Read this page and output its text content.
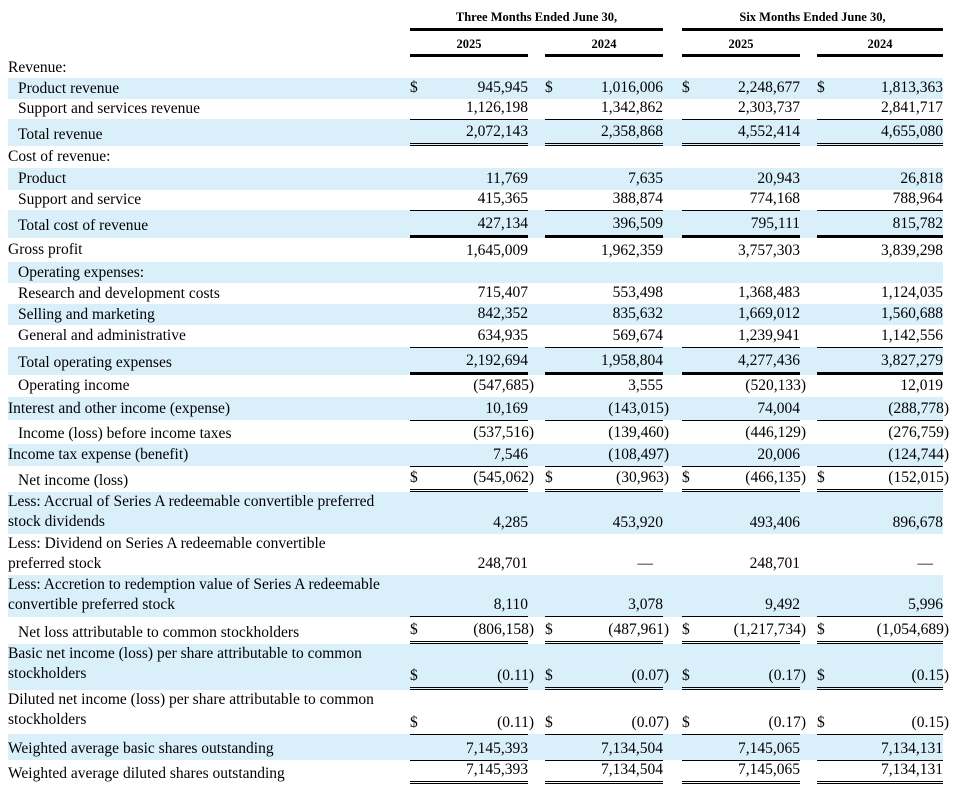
Three Months Ended June 30,	Six Months Ended June 30,
2025	2024	2025	2024
Revenue:
Product revenue	$	945,945 $	1,016,006 $	2,248,677 $	1,813,363
Support and services revenue	1,126,198	1,342,862	2,303,737	2,841,717
Total revenue	2,072,143	2,358,868	4,552,414	4,655,080
Cost of revenue:
Product	11,769	7,635	20,943	26,818
Support and service	415,365	388,874	774,168	788,964
Total cost of revenue	427,134	396,509	795,111	815,782
Gross profit	1,645,009	1,962,359	3,757,303	3,839,298
Operating expenses:
Research and development costs	715,407	553,498	1,368,483	1,124,035
Selling and marketing	842,352	835,632	1,669,012	1,560,688
General and administrative	634,935	569,674	1,239,941	1,142,556
Total operating expenses	2,192,694	1,958,804	4,277,436	3,827,279
Operating income	(547,685)	3,555	(520,133)	12,019
Interest and other income (expense)	10,169	(143,015)	74,004	(288,778)
Income (loss) before income taxes	(537,516)	(139,460)	(446,129)	(276,759)
Income tax expense (benefit)	7,546	(108,497)	20,006	(124,744)
Net income (loss)	$	(545,062) $	(30,963) $	(466,135) $	(152,015)
Less: Accrual of Series A redeemable convertible preferred stock dividends	4,285	453,920	493,406	896,678
Less: Dividend on Series A redeemable convertible preferred stock	248,701	—	248,701	—
Less: Accretion to redemption value of Series A redeemable convertible preferred stock	8,110	3,078	9,492	5,996
Net loss attributable to common stockholders	$	(806,158) $	(487,961) $	(1,217,734) $	(1,054,689)
Basic net income (loss) per share attributable to common stockholders	$	(0.11) $	(0.07) $	(0.17) $	(0.15)
Diluted net income (loss) per share attributable to common stockholders	$	(0.11) $	(0.07) $	(0.17) $	(0.15)
Weighted average basic shares outstanding	7,145,393	7,134,504	7,145,065	7,134,131
Weighted average diluted shares outstanding	7,145,393	7,134,504	7,145,065	7,134,131
